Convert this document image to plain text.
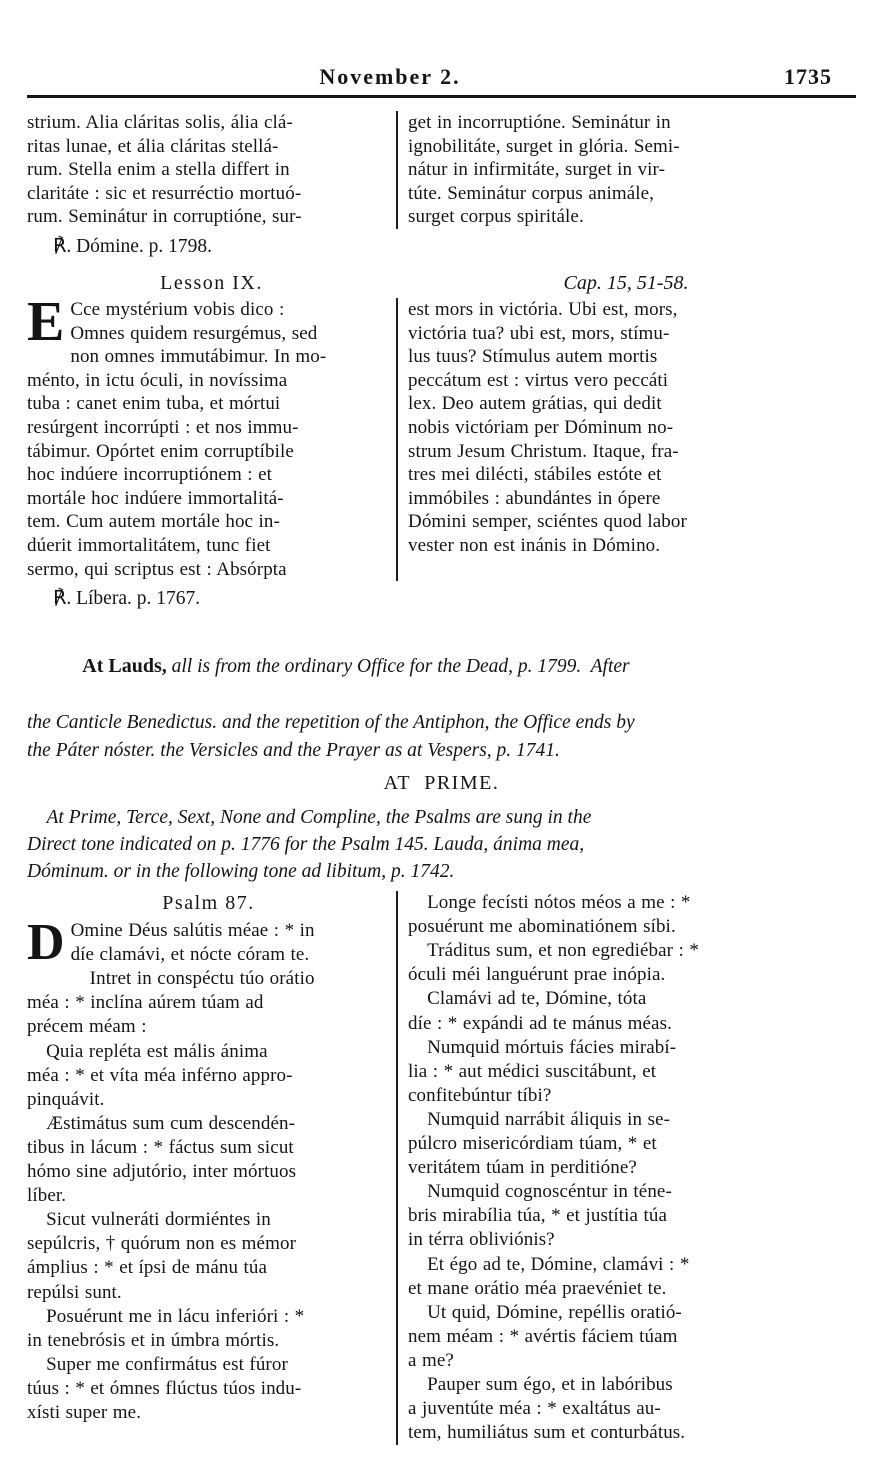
November 2.	1735
strium. Alia cláritas solis, ália clá-
ritas lunae, et ália cláritas stellá-
rum. Stella enim a stella differt in
claritáte : sic et resurréctio mortuó-
rum. Seminátur in corruptióne, sur-
get in incorruptióne. Seminátur in
ignobilitáte, surget in glória. Semi-
nátur in infirmitáte, surget in vir-
túte. Seminátur corpus animále,
surget corpus spiritále.
℟. Dómine. p. 1798.
Lesson IX.	Cap. 15, 51-58.
E Cce mystérium vobis dico :
Omnes quidem resurgémus, sed
non omnes immutábimur. In mo-
ménto, in ictu óculi, in novíssima
tuba : canet enim tuba, et mórtui
resúrgent incorrúpti : et nos immu-
tábimur. Opórtet enim corruptíbile
hoc indúere incorruptiónem : et
mortále hoc indúere immortalitá-
tem. Cum autem mortále hoc in-
dúerit immortalitátem, tunc fiet
sermo, qui scriptus est : Absórpta
est mors in victória. Ubi est, mors,
victória tua? ubi est, mors, stímu-
lus tuus? Stímulus autem mortis
peccátum est : virtus vero peccáti
lex. Deo autem grátias, qui dedit
nobis victóriam per Dóminum no-
strum Jesum Christum. Itaque, fra-
tres mei dilécti, stábiles estóte et
immóbiles : abundántes in ópere
Dómini semper, sciéntes quod labor
vester non est inánis in Dómino.
℟. Líbera. p. 1767.

At Lauds, all is from the ordinary Office for the Dead, p. 1799.  After

the Canticle Benedictus. and the repetition of the Antiphon, the Office ends by
the Páter nóster. the Versicles and the Prayer as at Vespers, p. 1741.
AT PRIME.
 At Prime, Terce, Sext, None and Compline, the Psalms are sung in the
Direct tone indicated on p. 1776 for the Psalm 145. Lauda, ánima mea,
Dóminum. or in the following tone ad libitum, p. 1742.
Psalm 87.
D Omine Déus salútis méae : * in
díe clamávi, et nócte córam te.
 Intret in conspéctu túo orátio
méa : * inclína aúrem túam ad
précem méam :
 Quia repléta est mális ánima
méa : * et víta méa inférno appro-
pinquávit.
 Æstimátus sum cum descendén-
tibus in lácum : * fáctus sum sicut
hómo sine adjutório, inter mórtuos
líber.
 Sicut vulneráti dormiéntes in
sepúlcris, † quórum non es mémor
ámplius : * et ípsi de mánu túa
repúlsi sunt.
 Posuérunt me in lácu inferióri : *
in tenebrósis et in úmbra mórtis.
 Super me confirmátus est fúror
túus : * et ómnes flúctus túos indu-
xísti super me.
 Longe fecísti nótos méos a me : *
posuérunt me abominatiónem síbi.
 Tráditus sum, et non egrediébar : *
óculi méi languérunt prae inópia.
 Clamávi ad te, Dómine, tóta
díe : * expándi ad te mánus méas.
 Numquid mórtuis fácies mirabí-
lia : * aut médici suscitábunt, et
confitebúntur tíbi?
 Numquid narrábit áliquis in se-
púlcro misericórdiam túam, * et
veritátem túam in perditióne?
 Numquid cognoscéntur in téne-
bris mirabília túa, * et justítia túa
in térra obliviónis?
 Et égo ad te, Dómine, clamávi : *
et mane orátio méa praevéniet te.
 Ut quid, Dómine, repéllis oratió-
nem méam : * avértis fáciem túam
a me?
 Pauper sum égo, et in labóribus
a juventúte méa : * exaltátus au-
tem, humiliátus sum et conturbátus.
